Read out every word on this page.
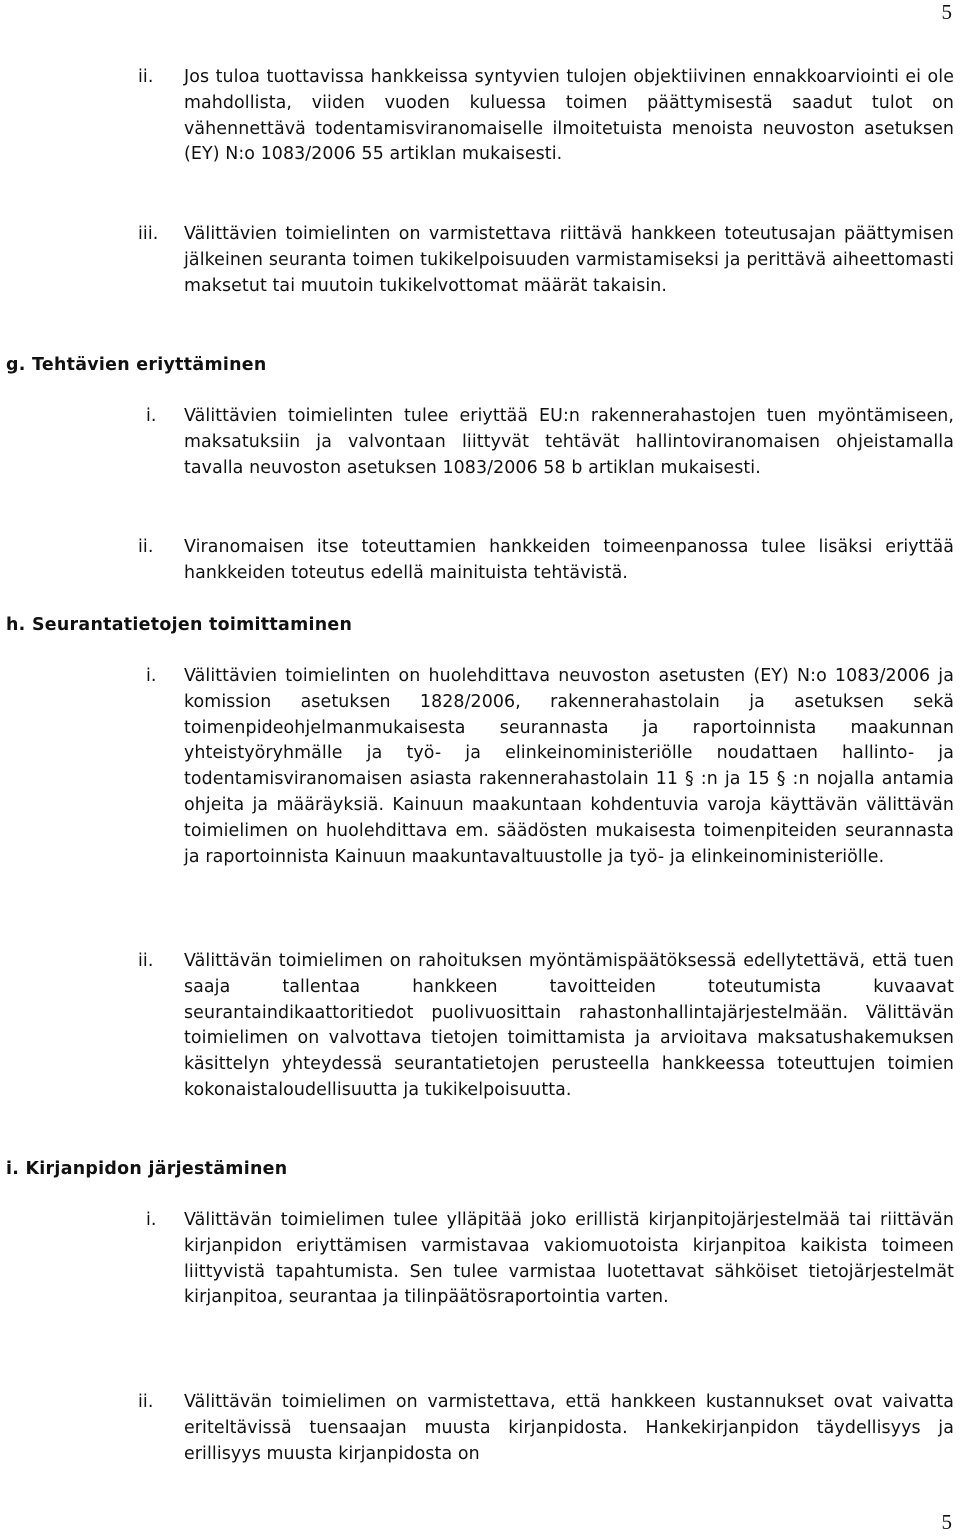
5
ii.	Jos tuloa tuottavissa hankkeissa syntyvien tulojen objektiivinen ennakkoarviointi ei ole mahdollista, viiden vuoden kuluessa toimen päättymisestä saadut tulot on vähennettävä todentamisviranomaiselle ilmoitetuista menoista neuvoston asetuksen (EY) N:o 1083/2006 55 artiklan mukaisesti.
iii.	Välittävien toimielinten on varmistettava riittävä hankkeen toteutusajan päättymisen jälkeinen seuranta toimen tukikelpoisuuden varmistamiseksi ja perittävä aiheettomasti maksetut tai muutoin tukikelvottomat määrät takaisin.
g. Tehtävien eriyttäminen
i.	Välittävien toimielinten tulee eriyttää EU:n rakennerahastojen tuen myöntämiseen, maksatuksiin ja valvontaan liittyvät tehtävät hallintoviranomaisen ohjeistamalla tavalla neuvoston asetuksen 1083/2006 58 b artiklan mukaisesti.
ii.	Viranomaisen itse toteuttamien hankkeiden toimeenpanossa tulee lisäksi eriyttää hankkeiden toteutus edellä mainituista tehtävistä.
h. Seurantatietojen toimittaminen
i.	Välittävien toimielinten on huolehdittava neuvoston asetusten (EY) N:o 1083/2006 ja komission asetuksen 1828/2006, rakennerahastolain ja asetuksen sekä toimenpideohjelmanmukaisesta seurannasta ja raportoinnista maakunnan yhteistyöryhmälle ja työ- ja elinkeinoministeriölle noudattaen hallinto- ja todentamisviranomaisen asiasta rakennerahastolain 11 § :n ja 15 § :n nojalla antamia ohjeita ja määräyksiä. Kainuun maakuntaan kohdentuvia varoja käyttävän välittävän toimielimen on huolehdittava em. säädösten mukaisesta toimenpiteiden seurannasta ja raportoinnista Kainuun maakuntavaltuustolle ja työ- ja elinkeinoministeriölle.
ii.	Välittävän toimielimen on rahoituksen myöntämispäätöksessä edellytettävä, että tuen saaja tallentaa hankkeen tavoitteiden toteutumista kuvaavat seurantaindikaattoritiedot puolivuosittain rahastonhallintajärjestelmään. Välittävän toimielimen on valvottava tietojen toimittamista ja arvioitava maksatushakemuksen käsittelyn yhteydessä seurantatietojen perusteella hankkeessa toteuttujen toimien kokonaistaloudellisuutta ja tukikelpoisuutta.
i. Kirjanpidon järjestäminen
i.	Välittävän toimielimen tulee ylläpitää joko erillistä kirjanpitojärjestelmää tai riittävän kirjanpidon eriyttämisen varmistavaa vakiomuotoista kirjanpitoa kaikista toimeen liittyvistä tapahtumista. Sen tulee varmistaa luotettavat sähköiset tietojärjestelmät kirjanpitoa, seurantaa ja tilinpäätösraportointia varten.
ii.	Välittävän toimielimen on varmistettava, että hankkeen kustannukset ovat vaivatta eriteltävissä tuensaajan muusta kirjanpidosta. Hankekirjanpidon täydellisyys ja erillisyys muusta kirjanpidosta on
5
